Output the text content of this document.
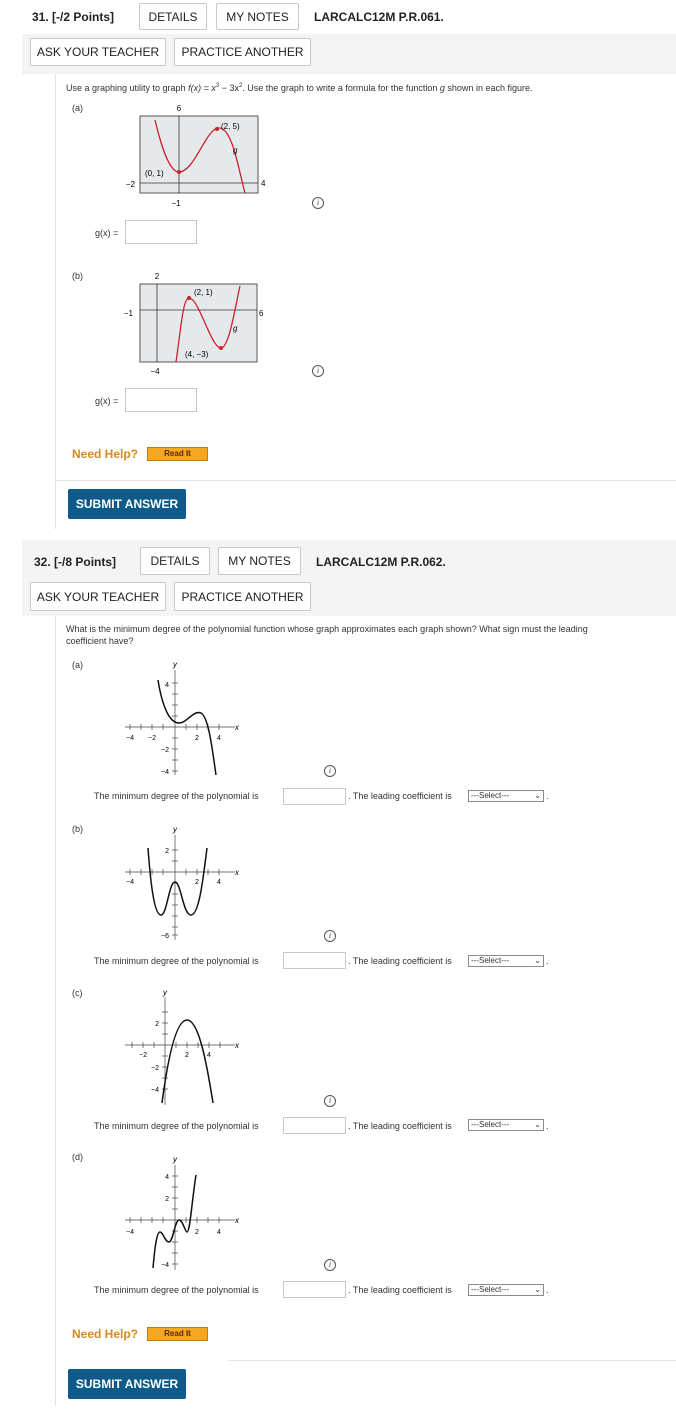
31. [-/2 Points]	DETAILS MY NOTES LARCALC12M P.R.061.
ASK YOUR TEACHER PRACTICE ANOTHER
Use a graphing utility to graph $f(x) = x^3 - 3x^2$. Use the graph to write a formula for the function g shown in each figure.
(a)	6
−1
−2	4
(0, 1)
(2, 5)
g
i
g(x) =
(b)	2
−4
−1	6
(2, 1)
(4, −3)
g
i
g(x) =
Need Help?	Read It
SUBMIT ANSWER
32. [-/8 Points]	DETAILS MY NOTES LARCALC12M P.R.062.
ASK YOUR TEACHER PRACTICE ANOTHER
What is the minimum degree of the polynomial function whose graph approximates each graph shown? What sign must the leading
coefficient have?
(a)
x
y
4
−2
−4
−4 −2	2	4
i
The minimum degree of the polynomial is	. The leading coefficient is	---Select---	⌄ .
(b)
x
y
2
−6
−4	2	4
i
The minimum degree of the polynomial is	. The leading coefficient is	---Select---	⌄ .
(c)
x
y
2
−2
−4
−2	2	4
i
The minimum degree of the polynomial is	. The leading coefficient is	---Select---	⌄ .
(d)
x
y
4
2
−4
−4	2	4
i
The minimum degree of the polynomial is	. The leading coefficient is	---Select---	⌄ .
Need Help?	Read It
SUBMIT ANSWER
